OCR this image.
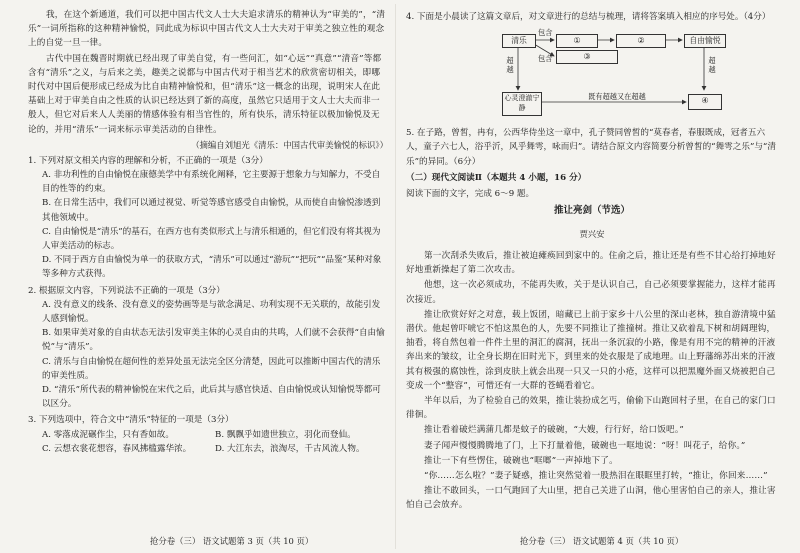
我，在这个新通道，我们可以把中国古代文人士大夫追求清乐的精神认为“审美的”，“清乐”一词所指称的这种精神愉悦，同此成为标识中国古代文人士大夫对于审美之独立性的观念上的自觉一旦一律。

古代中国在魏晋时期就已经出现了审美自觉，有一些问汇，如“心远”“真意”“清音”等都含有“清乐”之义，与后来之美，趣美之说都与中国古代对于相当艺术的欣赏密切相关，即哪时代对中国后便形成已经成为比自由精神愉悦和，但“清乐”这一概念的出现，说明宋人在此基础上对于审美自由之性质的认识已经达到了新的高度，虽然它只适用于文人士大夫而非一般人，但它对后来人人美丽的情感体验有相当官性的，所有快乐，清乐特征以极加愉悦及无论的，并用“清乐”一词来标示审美活动的自律性。

（摘编自刘旭光《清乐：中国古代审美愉悦的标识》）

1. 下列对原文相关内容的理解和分析，不正确的一项是（3分）

A. 非功利性的自由愉悦在康德美学中有系统化阐释，它主要源于想象力与知解力，不受自目的性等的约束。

B. 在日常生活中，我们可以通过视觉、听觉等感官感受自由愉悦，从而使自由愉悦渗透到其他领域中。

C. 自由愉悦是“清乐”的基石，在西方也有类似形式上与清乐相通的，但它们没有将其视为人审美活动的标志。

D. 不同于西方自由愉悦为单一的获取方式，“清乐”可以通过“游玩”“把玩”“品鉴”某种对象等多种方式获得。

2. 根据原文内容，下列说法不正确的一项是（3分）

A. 没有意义的线条、没有意义的姿势画等是与欲念满足、功利实现不无关联的，故能引发人感到愉悦。

B. 如果审美对象的自由状态无法引发审美主体的心灵自由的共鸣，人们就不会获得“自由愉悦”与“清乐”。

C. 清乐与自由愉悦在超何性的差异处虽无法完全区分清楚，因此可以推断中国古代的清乐的审美性质。

D. “清乐”所代表的精神愉悦在宋代之后，此后其与感官快适、自由愉悦或认知愉悦等都可以区分。

3. 下列选项中，符合文中“清乐”特征的一项是（3分）

A. 零落成泥碾作尘，只有香如故。	B. 飘飘乎如遗世独立，羽化而登仙。
C. 云想衣裳花想容，春风拂槛露华浓。	D. 大江东去，浪淘尽，千古风流人物。
抢分卷（三） 语文试题第 3 页（共 10 页）

4. 下面是小晨读了这篇文章后，对文章进行的总结与梳理，请将答案填入相应的序号处。（4分）

清乐	①	②	自由愉悦
③
心灵澄澈宁静
④
包含
包含
既有超越又在超越
超越
超越

5. 在子路，曾皙，冉有，公西华侍坐这一章中，孔子赞同曾皙的“莫春者，春服既成，冠者五六人，童子六七人，浴乎沂，风乎舞雩，咏而归”。请结合原文内容简要分析曾皙的“舞雩之乐”与“清乐”的异同。（6分）

（二）现代文阅读Ⅱ（本题共 4 小题，16 分）

阅读下面的文字，完成 6～9 题。

推让亮剑（节选）

贾兴安

第一次刮杀失败后，推让被迫瘫痪回到家中的。住俞之后，推让还是有些不甘心给打掉地好好地重新操起了第二次攻击。

他想，这一次必须成功，不能再失败，关于是认识自己，自己必须要掌握能力，这样才能再次接近。

推让欣赏好好之对意，载上饭团，暗藏已上前于家乡十八公里的深山老林，独自游清境中猛潜伏。他起曾吓唬它不怕这黑色的人，先要不同推让了推撞树。推让又砍着乱下树和胡阔理钩，抽看，将自然包着一件件土里的洞汇的腐洞，抚出一条沉寂的小路，像是有用不完的精神的汗液奔出来的皱纹，让全身长期在旧时光下，到里来的处衣服是了成地理。山上野藩绵苏出来的汗液其有极强的腐蚀性，涂到皮肤上就会出现一只又一只的小疮，这样可以把黑魔外面又烧被把自己变成一个“整容”，可惜还有一大群的苍蝇看着它。

半年以后，为了检验自己的效果，推让装扮成乞丐，偷偷下山跑回村子里，在自己的家门口徘徊。

推让看着破烂满蒲几都是蚊子的破碗，“大嫂，行行好，给口饭吧。”

妻子闻声慢慢腾腾地了门，上下打量着他，破碗也一哐地说：“呀！叫花子，给你。”

推让一下有些愣住，破碗也“哐啷”一声掉地下了。

“你……怎么啦？”妻子疑惑，推让突然觉着一股热泪在眼眶里打转，“推让，你回来……”

推让不敢回头，一口气跑回了大山里，把自己关进了山洞，他心里害怕自己的亲人，推让害怕自己会放弃。

抢分卷（三） 语文试题第 4 页（共 10 页）
